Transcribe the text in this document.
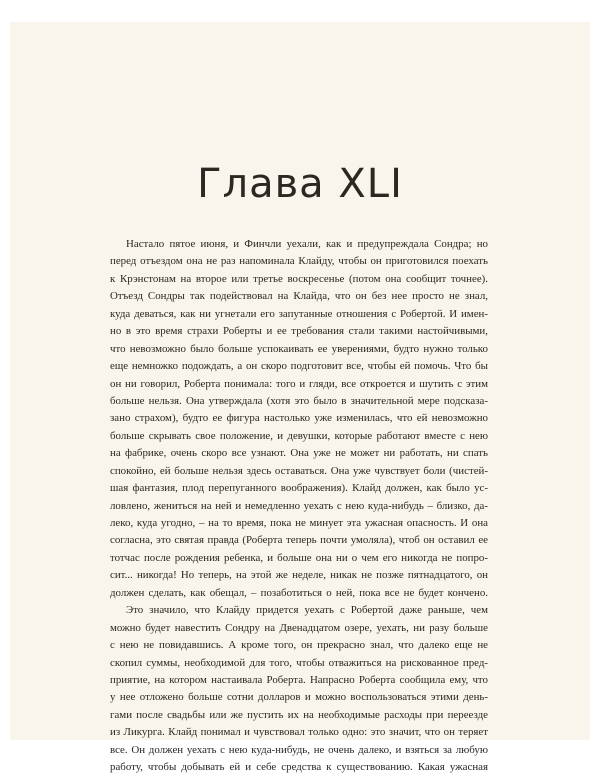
Глава XLI
Настало пятое июня, и Финчли уехали, как и предупреждала Сондра; но
перед отъездом она не раз напоминала Клайду, чтобы он приготовился поехать
к Крэнстонам на второе или третье воскресенье (потом она сообщит точнее).
Отъезд Сондры так подействовал на Клайда, что он без нее просто не знал,
куда деваться, как ни угнетали его запутанные отношения с Робертой. И имен-
но в это время страхи Роберты и ее требования стали такими настойчивыми,
что невозможно было больше успокаивать ее уверениями, будто нужно только
еще немножко подождать, а он скоро подготовит все, чтобы ей помочь. Что бы
он ни говорил, Роберта понимала: того и гляди, все откроется и шутить с этим
больше нельзя. Она утверждала (хотя это было в значительной мере подсказа-
зано страхом), будто ее фигура настолько уже изменилась, что ей невозможно
больше скрывать свое положение, и девушки, которые работают вместе с нею
на фабрике, очень скоро все узнают. Она уже не может ни работать, ни спать
спокойно, ей больше нельзя здесь оставаться. Она уже чувствует боли (чистей-
шая фантазия, плод перепуганного воображения). Клайд должен, как было ус-
ловлено, жениться на ней и немедленно уехать с нею куда-нибудь – близко, да-
леко, куда угодно, – на то время, пока не минует эта ужасная опасность. И она
согласна, это святая правда (Роберта теперь почти умоляла), чтоб он оставил ее
тотчас после рождения ребенка, и больше она ни о чем его никогда не попро-
сит... никогда! Но теперь, на этой же неделе, никак не позже пятнадцатого, он
должен сделать, как обещал, – позаботиться о ней, пока все не будет кончено.
Это значило, что Клайду придется уехать с Робертой даже раньше, чем
можно будет навестить Сондру на Двенадцатом озере, уехать, ни разу больше
с нею не повидавшись. А кроме того, он прекрасно знал, что далеко еще не
скопил суммы, необходимой для того, чтобы отважиться на рискованное пред-
приятие, на котором настаивала Роберта. Напрасно Роберта сообщила ему, что
у нее отложено больше сотни долларов и можно воспользоваться этими день-
гами после свадьбы или же пустить их на необходимые расходы при переезде
из Ликурга. Клайд понимал и чувствовал только одно: это значит, что он теряет
все. Он должен уехать с нею куда-нибудь, не очень далеко, и взяться за любую
работу, чтобы добывать ей и себе средства к существованию. Какая ужасная
